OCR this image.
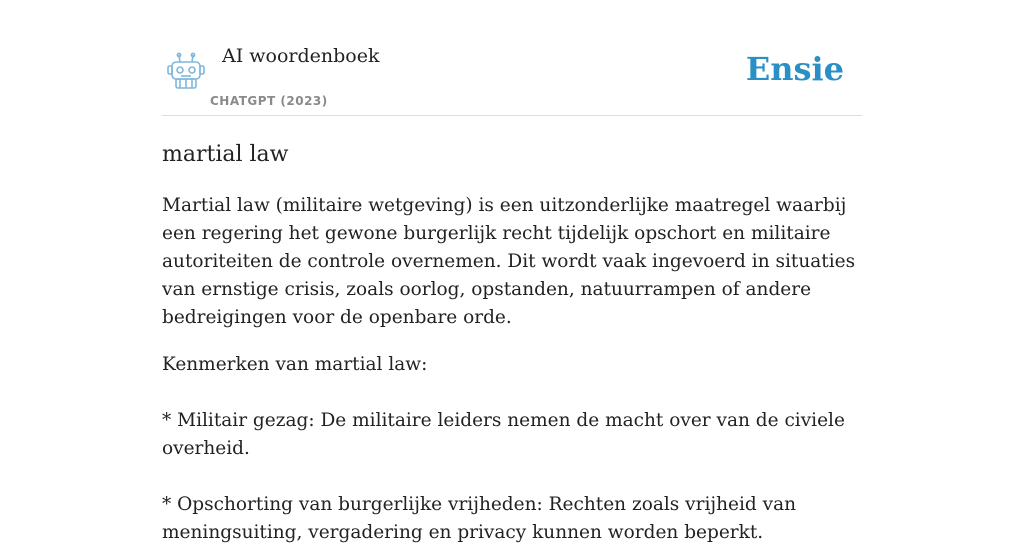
AI woordenboek
CHATGPT (2023)
Ensie
martial law

Martial law (militaire wetgeving) is een uitzonderlijke maatregel waarbij een regering het gewone burgerlijk recht tijdelijk opschort en militaire autoriteiten de controle overnemen. Dit wordt vaak ingevoerd in situaties van ernstige crisis, zoals oorlog, opstanden, natuurrampen of andere bedreigingen voor de openbare orde.

Kenmerken van martial law:

* Militair gezag: De militaire leiders nemen de macht over van de civiele overheid.

* Opschorting van burgerlijke vrijheden: Rechten zoals vrijheid van meningsuiting, vergadering en privacy kunnen worden beperkt.
